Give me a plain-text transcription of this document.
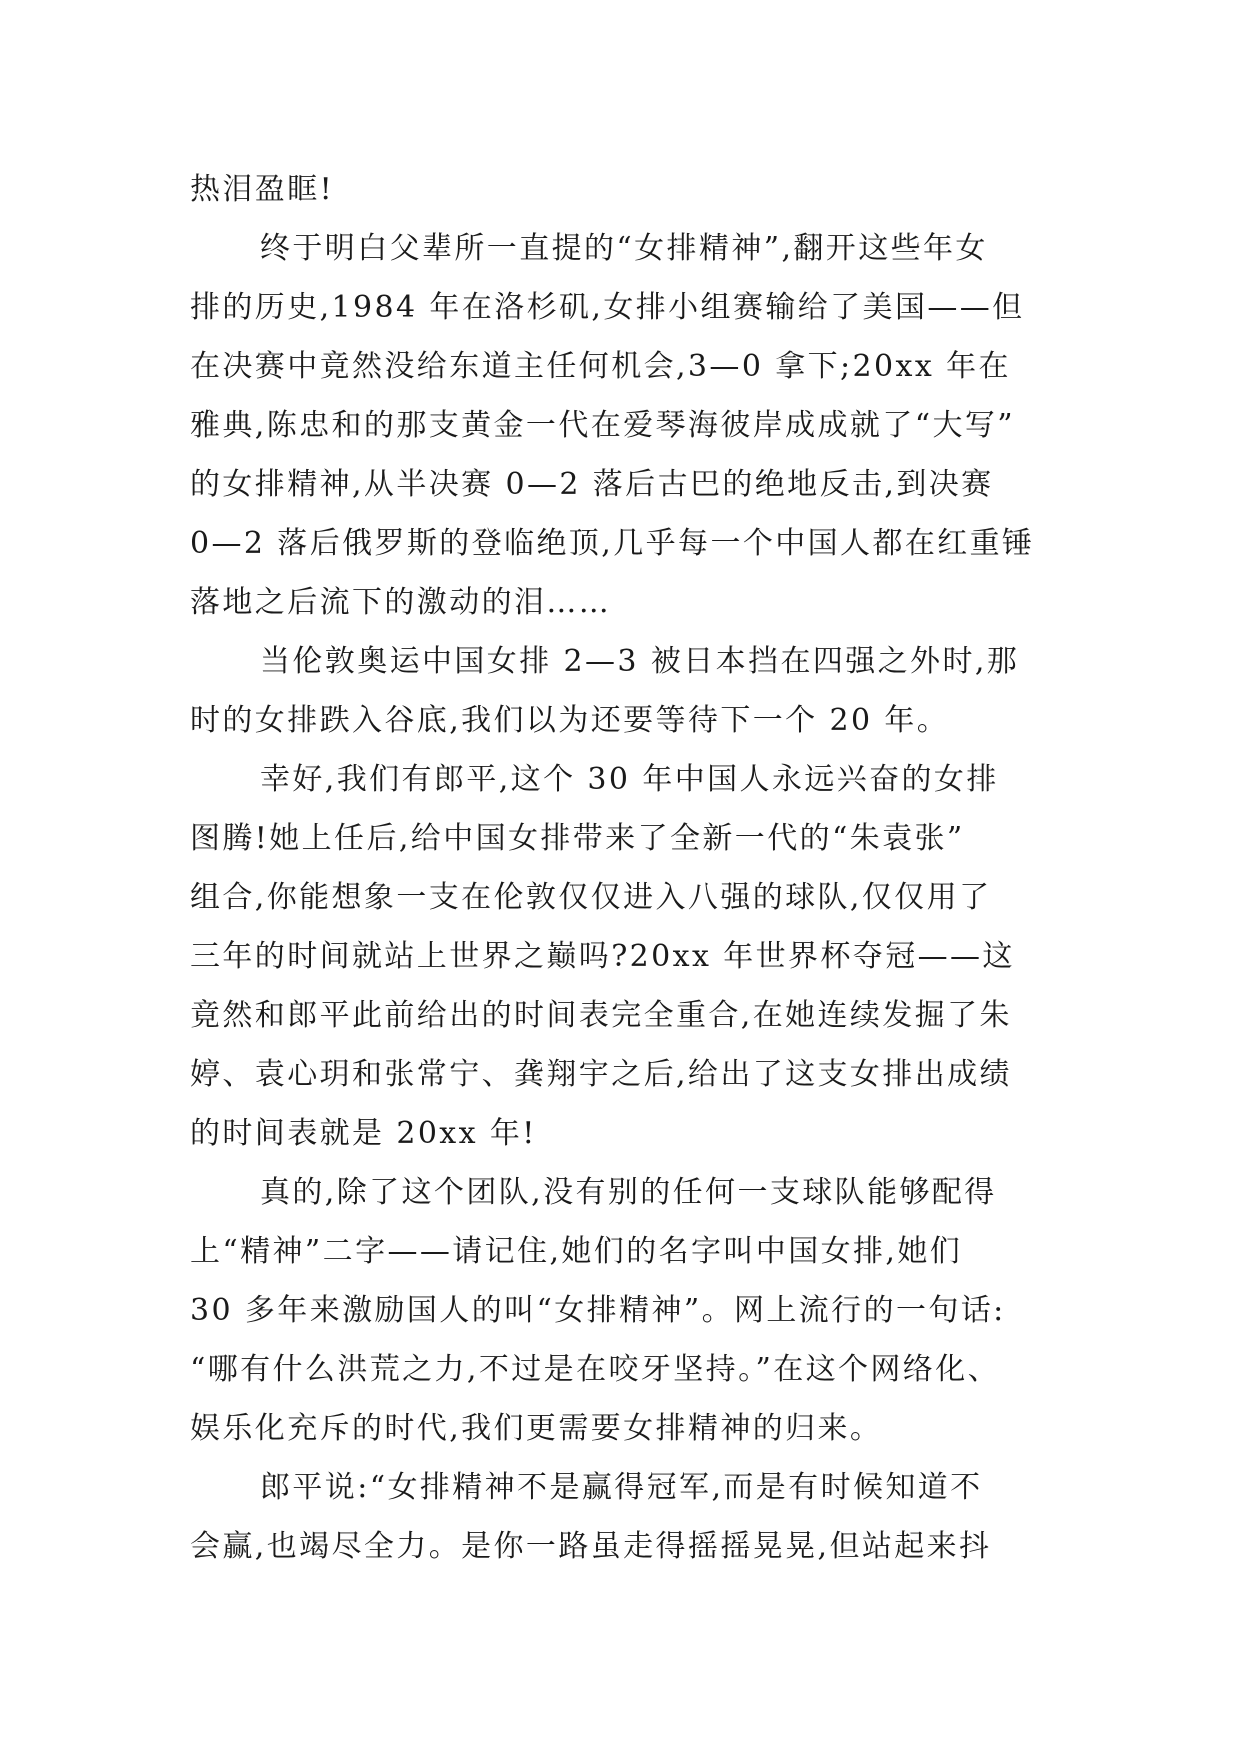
热泪盈眶!
终于明白父辈所一直提的“女排精神”,翻开这些年女
排的历史,1984 年在洛杉矶,女排小组赛输给了美国——但
在决赛中竟然没给东道主任何机会,3—0 拿下;20xx 年在
雅典,陈忠和的那支黄金一代在爱琴海彼岸成成就了“大写”
的女排精神,从半决赛 0—2 落后古巴的绝地反击,到决赛
0—2 落后俄罗斯的登临绝顶,几乎每一个中国人都在红重锤
落地之后流下的激动的泪……
当伦敦奥运中国女排 2—3 被日本挡在四强之外时,那
时的女排跌入谷底,我们以为还要等待下一个 20 年。
幸好,我们有郎平,这个 30 年中国人永远兴奋的女排
图腾!她上任后,给中国女排带来了全新一代的“朱袁张”
组合,你能想象一支在伦敦仅仅进入八强的球队,仅仅用了
三年的时间就站上世界之巅吗?20xx 年世界杯夺冠——这
竟然和郎平此前给出的时间表完全重合,在她连续发掘了朱
婷、袁心玥和张常宁、龚翔宇之后,给出了这支女排出成绩
的时间表就是 20xx 年!
真的,除了这个团队,没有别的任何一支球队能够配得
上“精神”二字——请记住,她们的名字叫中国女排,她们
30 多年来激励国人的叫“女排精神”。网上流行的一句话:
“哪有什么洪荒之力,不过是在咬牙坚持。”在这个网络化、
娱乐化充斥的时代,我们更需要女排精神的归来。
郎平说:“女排精神不是赢得冠军,而是有时候知道不
会赢,也竭尽全力。是你一路虽走得摇摇晃晃,但站起来抖
